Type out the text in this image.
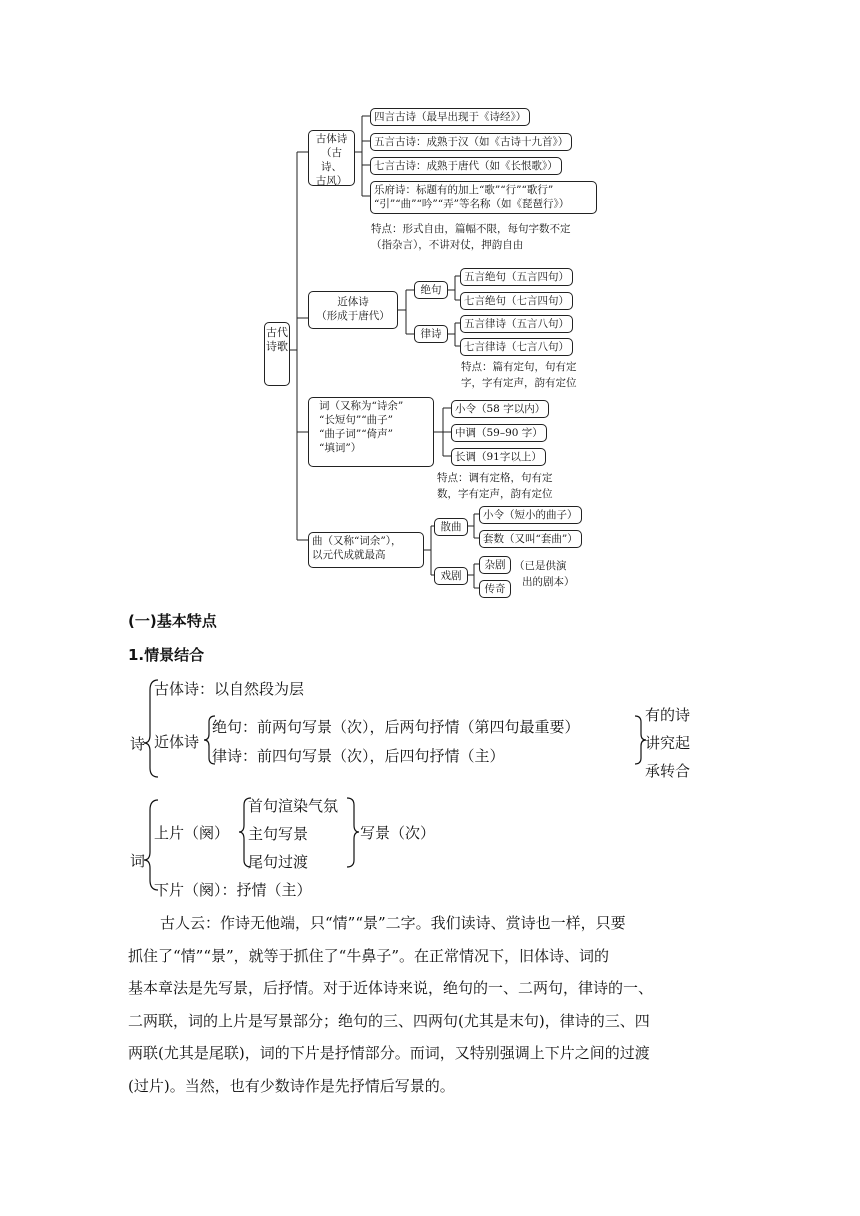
古代诗歌
古体诗
（古诗、
古风）
四言古诗（最早出现于《诗经》）
五言古诗：成熟于汉（如《古诗十九首》）
七言古诗：成熟于唐代（如《长恨歌》）
乐府诗：标题有的加上“歌”“行”“歌行”
“引”“曲”“吟”“弄”等名称（如《琵琶行》）
特点：形式自由，篇幅不限，每句字数不定
（指杂言），不讲对仗，押韵自由
近体诗
（形成于唐代）
绝句
律诗
五言绝句（五言四句）
七言绝句（七言四句）
五言律诗（五言八句）
七言律诗（七言八句）
特点：篇有定句，句有定
字，字有定声，韵有定位
词（又称为“诗余”
“长短句”“曲子”
“曲子词”“倚声”
“填词”）
小令（58 字以内）
中调（59–90 字）
长调（91字以上）
特点：调有定格，句有定
数，字有定声，韵有定位
曲（又称“词余”），
以元代成就最高
散曲
戏剧
小令（短小的曲子）
套数（又叫“套曲”）
杂剧
传奇
（已是供演
出的剧本）
(一)基本特点
1.情景结合
诗
古体诗：以自然段为层
近体诗
绝句：前两句写景（次），后两句抒情（第四句最重要）
律诗：前四句写景（次），后四句抒情（主）
有的诗
讲究起
承转合
词
上片（阕）
首句渲染气氛
主句写景
尾句过渡
写景（次）
下片（阕）：抒情（主）
古人云：作诗无他端，只“情”“景”二字。我们读诗、赏诗也一样，只要
抓住了“情”“景”，就等于抓住了“牛鼻子”。在正常情况下，旧体诗、词的
基本章法是先写景，后抒情。对于近体诗来说，绝句的一、二两句，律诗的一、
二两联，词的上片是写景部分；绝句的三、四两句(尤其是末句)，律诗的三、四
两联(尤其是尾联)，词的下片是抒情部分。而词，又特别强调上下片之间的过渡
(过片)。当然，也有少数诗作是先抒情后写景的。
